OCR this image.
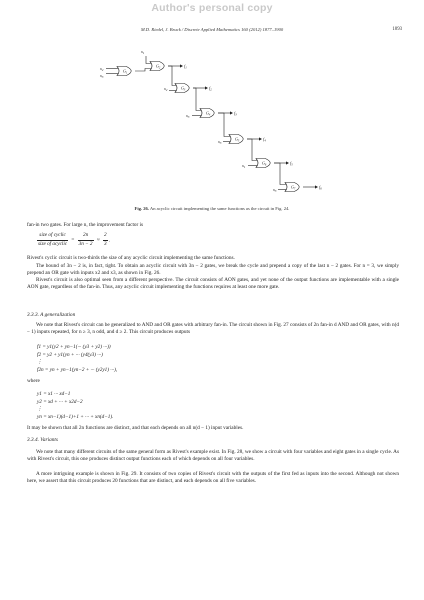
Author's personal copy
M.D. Riedel, J. Bruck / Discrete Applied Mathematics 160 (2012) 1877–1900	1893
$G_1$
$G_2$
$G_3$
$G_4$
$G_5$
$G_6$
$G_7$
$x_1$
$x_2$
$x_3$
$x_2$
$x_3$
$x_3$
$x_1$
$x_3$
$f_1$
$f_2$
$f_3$
$f_4$
$f_5$
$f_6$
Fig. 26. An acyclic circuit implementing the same functions as the circuit in Fig. 24.
fan-in two gates. For large n, the improvement factor is
$\frac{\text{size of cyclic}}{\text{size of acyclic}} = \frac{2n}{3n - 2} \approx \frac{2}{3}$ .
Rivest's cyclic circuit is two-thirds the size of any acyclic circuit implementing the same functions.
The bound of 3n − 2 is, in fact, tight. To obtain an acyclic circuit with 3n − 2 gates, we break the cycle and prepend a copy of the last n − 2 gates. For n = 3, we simply prepend an OR gate with inputs x2 and x3, as shown in Fig. 26.
Rivest's circuit is also optimal seen from a different perspective. The circuit consists of AON gates, and yet none of the output functions are implementable with a single AON gate, regardless of the fan-in. Thus, any acyclic circuit implementing the functions requires at least one more gate.
3.3.3. A generalization
We note that Rivest's circuit can be generalized to AND and OR gates with arbitrary fan-in. The circuit shown in Fig. 27 consists of 2n fan-in d AND and OR gates, with n(d − 1) inputs repeated, for n ≥ 3, n odd, and d ≥ 2. This circuit produces outputs
f1 = y1(y2 + yn−1(··· (y3 + y2) ···))
f2 = y2 + y1(yn + ··· (y4(y3) ···)
⋮
f2n = yn + yn−1(yn−2 + ··· (y2y1) ···),
where
y1 = x1 ··· xd−1
y2 = xd + ··· + x2d−2
⋮
yn = xn−1)(d−1)+1 + ··· + xn(d−1).
It may be shown that all 2n functions are distinct, and that each depends on all n(d − 1) input variables.
3.3.4. Variants
We note that many different circuits of the same general form as Rivest's example exist. In Fig. 28, we show a circuit with four variables and eight gates in a single cycle. As with Rivest's circuit, this one produces distinct output functions each of which depends on all four variables.
A more intriguing example is shown in Fig. 29. It consists of two copies of Rivest's circuit with the outputs of the first fed as inputs into the second. Although not shown here, we assert that this circuit produces 20 functions that are distinct, and each depends on all five variables.
